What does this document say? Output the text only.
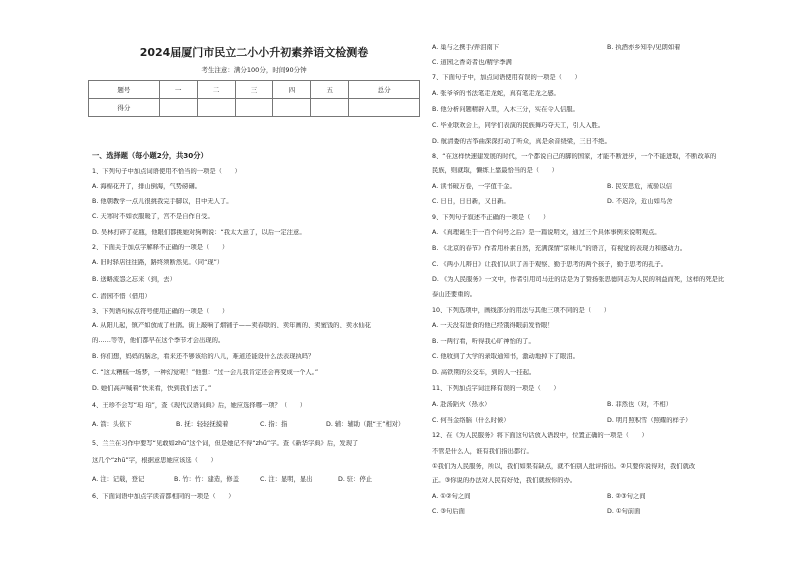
2024届厦门市民立二小小升初素养语文检测卷
考生注意：满分100分，时间90分钟
题号	一	二	三	四	五	总分
得分						
一、选择题（每小题2分，共30分）
1、下列句子中加点词语使用不恰当的一项是（　　）
A. 海棉花开了，排山倒海，气势磅礴。
B. 他朝教学一点儿很挑我完手脚以，目中无人了。
C. 天寒时不如衣服暖了，宫不是自作自受。
D. 吴林打碎了花瓶，他眼们都挑她对狗咧说：“我太大意了，以后一定注意。
2、下面关于加点字解释不正确的一项是（　　）
A. 旧时驿店往往路，路终须断然见。（同“现”）
B. 送略流怨之忘来（到，去）
C. 潜园不惜（借用）
3、下列语句标点符号使用正确的一项是（　　）
A. 从阳儿起，镇产如放成了杜鹃。街上敲响了烟铺子——卖春联的、卖年画的、卖蜜饯的、卖水仙花
的……等等，他们都早在这个季节才会出现的。
B. 你们想，妈妈的脑念，看来还不够该给的八儿，难道还能设什么法表现执吗？
C. “这太糟糕一场梦，一种幻觉呢！”他想：“过一会儿我肯定还会再变成一个人。”
D. 她们高声喊着“快来看，快到我们去了。”
4、王珍不会写“珀 珀”，查《现代汉语词典》后，她应选择哪一项？（　　）
A. 箭：头依下	B. 抚：轻轻抚摸着	C. 指：指	D. 辅：辅助（跟“王”相对）
5、兰兰在习作中要写“见敢如zhū”这个词，但是她记不得“zhū”字。查《新华字典》后，发现了
这几个“zhū”字，根据意思她应该选（　　）
A. 注：记载，登记	B. 竹：竹：建造，修盖	C. 注：显明，显出	D. 驻：停止
6、下面词语中加点字读音都相同的一项是（　　）
A. 巢与之携手/弄泪南下	B. 执酒亦乡知乎/见朗如着
C. 道园之香奇者也/精学季满
7、下面句子中，加点词语使用有误的一项是（　　）
A. 张爷爷的书法笔走龙蛇，真有笔走龙之感。
B. 他分析问题精辟入里，入木三分，实在令人信服。
C. 毕业联欢会上，同学们表演的民族舞巧夺天工，引人入胜。
D. 航清委的古筝曲深深打动了听众，真是余音绕梁，三日不绝。
8、“在这样快速建发展的时代，一个都说自己的脚的国家，才能不断进步，一个不能进取，不断改革的
民族，则就取，懒练上靠最恰当的是（　　）
A. 读书破万卷，一字值千金。	B. 民安思危，戒骄以信
C. 日日，日日新，又日新。	D. 不迟冷，近山如鸟舍
9、下列句子叙述不正确的一项是（　　）
A. 《真理诞生于一百个问号之后》是一篇说明文，通过三个具体事例来说明观点。
B. 《北京的春节》作者用朴素自然，充满深情“京味儿”的语言，有视觉的表现力和感动力。
C. 《两小儿辩日》让我们认识了善于观察、勤于思考的两个孩子，勤于思考的孔子。
D. 《为人民服务》一文中，作者引用司马迁的话是为了赞扬张思德同志为人民的利益而死，这样的死是比
泰山还要重的。
10、下列选项中，画线部分的用法与其他三项不同的是（　　）
A. 一天没有进食的他已经饿得眼前发昏眼！
B. 一两行看，听得我心旷神怡的了。
C. 他收到了大学的录取通知书，激动地掉下了眼泪。
D. 高铁期的公交车，到的人一挂起。
11、下列加点字词注释有误的一项是（　　）
A. 赴汤蹈火（热水）	B. 菲然也（对，不相）
C. 何当金络脑（什么时候）	D. 明月照积雪（照耀的样子）
12、在《为人民服务》将下面这句话放入语段中，位置正确的一项是（　　）
不管是什么人，谁有我们指出都行。
①我们为人民服务，所以，我们如果有缺点，就不怕别人批评指出。②只要你说得对，我们就改
正。③你说的办法对人民有好处，我们就按你的办。
A. ①②句之间	B. ②③句之间
C. ③句后面	D. ①句前面
